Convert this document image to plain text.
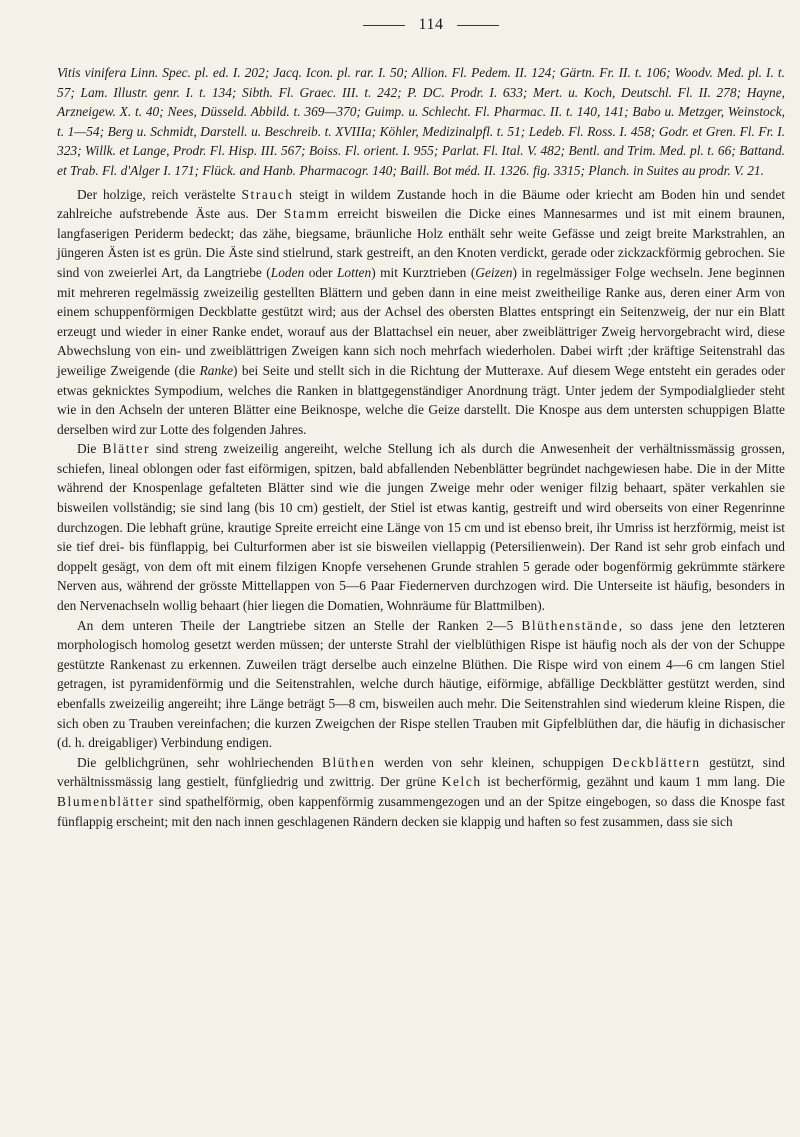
114
Vitis vinifera Linn. Spec. pl. ed. I. 202; Jacq. Icon. pl. rar. I. 50; Allion. Fl. Pedem. II. 124; Gärtn. Fr. II. t. 106; Woodv. Med. pl. I. t. 57; Lam. Illustr. genr. I. t. 134; Sibth. Fl. Graec. III. t. 242; P. DC. Prodr. I. 633; Mert. u. Koch, Deutschl. Fl. II. 278; Hayne, Arzneigew. X. t. 40; Nees, Düsseld. Abbild. t. 369—370; Guimp. u. Schlecht. Fl. Pharmac. II. t. 140, 141; Babo u. Metzger, Weinstock, t. 1—54; Berg u. Schmidt, Darstell. u. Beschreib. t. XVIIIa; Köhler, Medizinalpfl. t. 51; Ledeb. Fl. Ross. I. 458; Godr. et Gren. Fl. Fr. I. 323; Willk. et Lange, Prodr. Fl. Hisp. III. 567; Boiss. Fl. orient. I. 955; Parlat. Fl. Ital. V. 482; Bentl. and Trim. Med. pl. t. 66; Battand. et Trab. Fl. d'Alger I. 171; Flück. and Hanb. Pharmacogr. 140; Baill. Bot méd. II. 1326. fig. 3315; Planch. in Suites au prodr. V. 21.

Der holzige, reich verästelte Strauch steigt in wildem Zustande hoch in die Bäume oder kriecht am Boden hin und sendet zahlreiche aufstrebende Äste aus. Der Stamm erreicht bisweilen die Dicke eines Mannesarmes und ist mit einem braunen, langfaserigen Periderm bedeckt; das zähe, biegsame, bräunliche Holz enthält sehr weite Gefässe und zeigt breite Markstrahlen, an jüngeren Ästen ist es grün. Die Äste sind stielrund, stark gestreift, an den Knoten verdickt, gerade oder zickzackförmig gebrochen. Sie sind von zweierlei Art, da Langtriebe (Loden oder Lotten) mit Kurztrieben (Geizen) in regelmässiger Folge wechseln. Jene beginnen mit mehreren regelmässig zweizeilig gestellten Blättern und geben dann in eine meist zweitheilige Ranke aus, deren einer Arm von einem schuppenförmigen Deckblatte gestützt wird; aus der Achsel des obersten Blattes entspringt ein Seitenzweig, der nur ein Blatt erzeugt und wieder in einer Ranke endet, worauf aus der Blattachsel ein neuer, aber zweiblättriger Zweig hervorgebracht wird, diese Abwechslung von ein- und zweiblättrigen Zweigen kann sich noch mehrfach wiederholen. Dabei wirft ;der kräftige Seitenstrahl das jeweilige Zweigende (die Ranke) bei Seite und stellt sich in die Richtung der Mutteraxe. Auf diesem Wege entsteht ein gerades oder etwas geknicktes Sympodium, welches die Ranken in blattgegenständiger Anordnung trägt. Unter jedem der Sympodialglieder steht wie in den Achseln der unteren Blätter eine Beiknospe, welche die Geize darstellt. Die Knospe aus dem untersten schuppigen Blatte derselben wird zur Lotte des folgenden Jahres.

Die Blätter sind streng zweizeilig angereiht, welche Stellung ich als durch die Anwesenheit der verhältnissmässig grossen, schiefen, lineal oblongen oder fast eiförmigen, spitzen, bald abfallenden Nebenblätter begründet nachgewiesen habe. Die in der Mitte während der Knospenlage gefalteten Blätter sind wie die jungen Zweige mehr oder weniger filzig behaart, später verkahlen sie bisweilen vollständig; sie sind lang (bis 10 cm) gestielt, der Stiel ist etwas kantig, gestreift und wird oberseits von einer Regenrinne durchzogen. Die lebhaft grüne, krautige Spreite erreicht eine Länge von 15 cm und ist ebenso breit, ihr Umriss ist herzförmig, meist ist sie tief drei- bis fünflappig, bei Culturformen aber ist sie bisweilen viellappig (Petersilienwein). Der Rand ist sehr grob einfach und doppelt gesägt, von dem oft mit einem filzigen Knopfe versehenen Grunde strahlen 5 gerade oder bogenförmig gekrümmte stärkere Nerven aus, während der grösste Mittellappen von 5—6 Paar Fiedernerven durchzogen wird. Die Unterseite ist häufig, besonders in den Nervenachseln wollig behaart (hier liegen die Domatien, Wohnräume für Blattmilben).

An dem unteren Theile der Langtriebe sitzen an Stelle der Ranken 2—5 Blüthenstände, so dass jene den letzteren morphologisch homolog gesetzt werden müssen; der unterste Strahl der vielblüthigen Rispe ist häufig noch als der von der Schuppe gestützte Rankenast zu erkennen. Zuweilen trägt derselbe auch einzelne Blüthen. Die Rispe wird von einem 4—6 cm langen Stiel getragen, ist pyramidenförmig und die Seitenstrahlen, welche durch häutige, eiförmige, abfällige Deckblätter gestützt werden, sind ebenfalls zweizeilig angereiht; ihre Länge beträgt 5—8 cm, bisweilen auch mehr. Die Seitenstrahlen sind wiederum kleine Rispen, die sich oben zu Trauben vereinfachen; die kurzen Zweigchen der Rispe stellen Trauben mit Gipfelblüthen dar, die häufig in dichasischer (d. h. dreigabliger) Verbindung endigen.

Die gelblichgrünen, sehr wohlriechenden Blüthen werden von sehr kleinen, schuppigen Deckblättern gestützt, sind verhältnissmässig lang gestielt, fünfgliedrig und zwittrig. Der grüne Kelch ist becherförmig, gezähnt und kaum 1 mm lang. Die Blumenblätter sind spathelförmig, oben kappenförmig zusammengezogen und an der Spitze eingebogen, so dass die Knospe fast fünflappig erscheint; mit den nach innen geschlagenen Rändern decken sie klappig und haften so fest zusammen, dass sie sich
